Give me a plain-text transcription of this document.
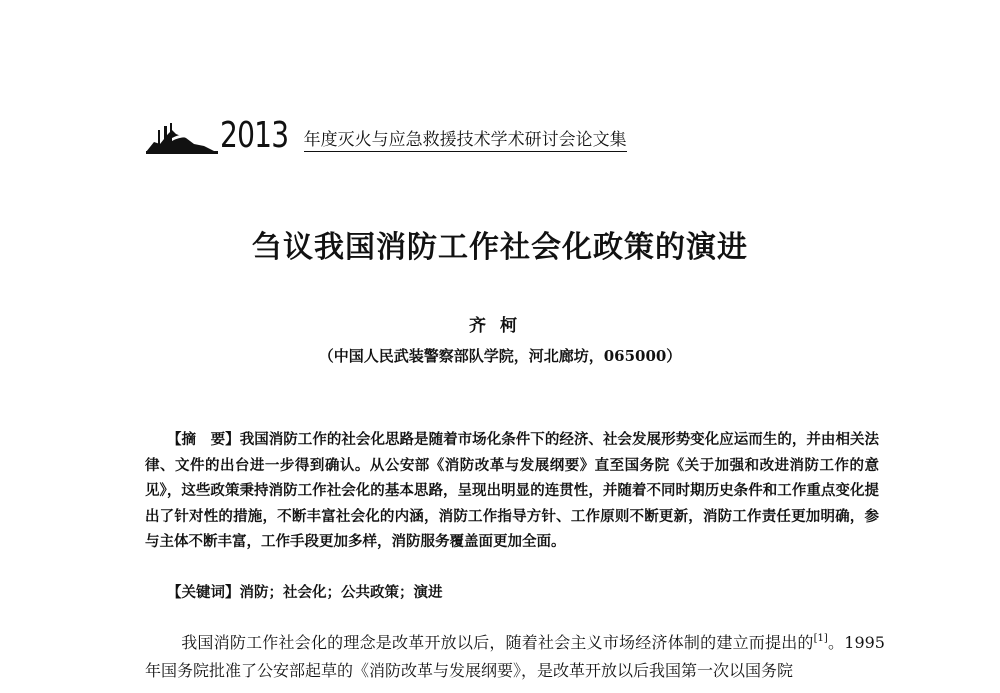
2013 年度灭火与应急救援技术学术研讨会论文集
刍议我国消防工作社会化政策的演进
齐柯
（中国人民武装警察部队学院，河北廊坊，065000）

【摘　要】我国消防工作的社会化思路是随着市场化条件下的经济、社会发展形势变化应运而生的，并由相关法律、文件的出台进一步得到确认。从公安部《消防改革与发展纲要》直至国务院《关于加强和改进消防工作的意见》，这些政策秉持消防工作社会化的基本思路，呈现出明显的连贯性，并随着不同时期历史条件和工作重点变化提出了针对性的措施，不断丰富社会化的内涵，消防工作指导方针、工作原则不断更新，消防工作责任更加明确，参与主体不断丰富，工作手段更加多样，消防服务覆盖面更加全面。

【关键词】消防；社会化；公共政策；演进

我国消防工作社会化的理念是改革开放以后，随着社会主义市场经济体制的建立而提出的[1]。1995年国务院批准了公安部起草的《消防改革与发展纲要》，是改革开放以后我国第一次以国务院
